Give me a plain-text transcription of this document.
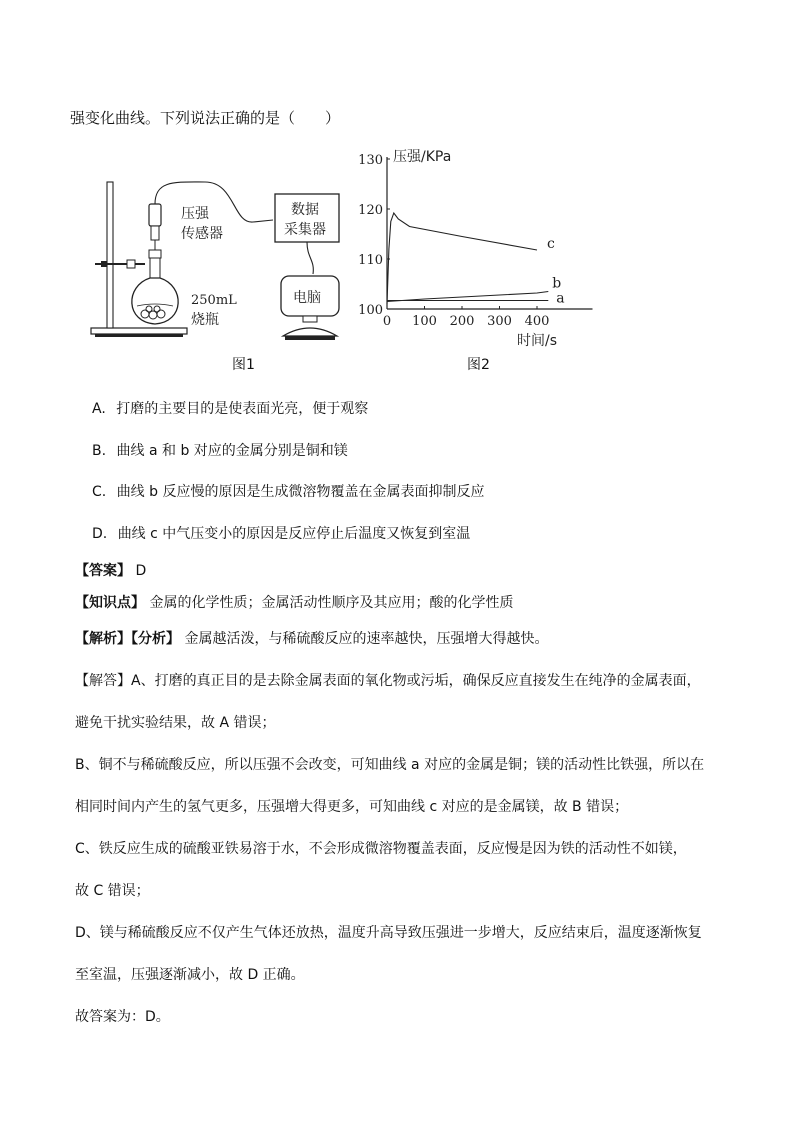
强变化曲线。下列说法正确的是（　　）
压强
传感器
数据
采集器
电脑
250mL
烧瓶
图1
100
110
120
130
0 100 200 300 400
c
b
a
压强/KPa
时间/s
图2
A. 打磨的主要目的是使表面光亮，便于观察
B. 曲线 a 和 b 对应的金属分别是铜和镁
C. 曲线 b 反应慢的原因是生成微溶物覆盖在金属表面抑制反应
D. 曲线 c 中气压变小的原因是反应停止后温度又恢复到室温
【答案】 D
【知识点】 金属的化学性质；金属活动性顺序及其应用；酸的化学性质
【解析】【分析】 金属越活泼，与稀硫酸反应的速率越快，压强增大得越快。
【解答】A、打磨的真正目的是去除金属表面的氧化物或污垢，确保反应直接发生在纯净的金属表面，
避免干扰实验结果，故 A 错误；
B、铜不与稀硫酸反应，所以压强不会改变，可知曲线 a 对应的金属是铜；镁的活动性比铁强，所以在
相同时间内产生的氢气更多，压强增大得更多，可知曲线 c 对应的是金属镁，故 B 错误；
C、铁反应生成的硫酸亚铁易溶于水，不会形成微溶物覆盖表面，反应慢是因为铁的活动性不如镁，
故 C 错误；
D、镁与稀硫酸反应不仅产生气体还放热，温度升高导致压强进一步增大，反应结束后，温度逐渐恢复
至室温，压强逐渐减小，故 D 正确。
故答案为：D。
